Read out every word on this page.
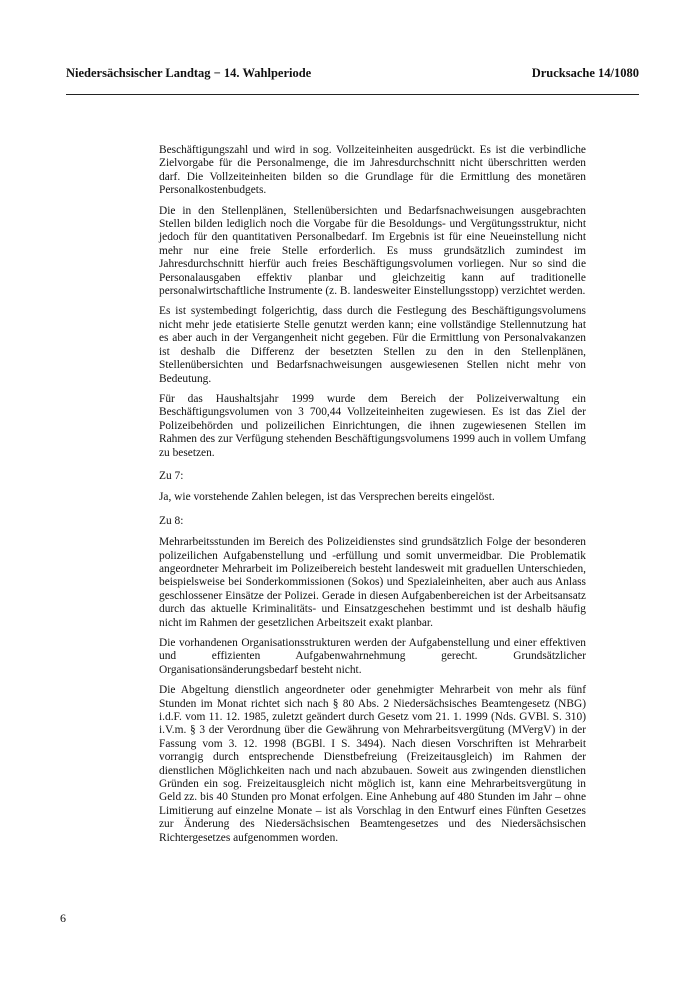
Niedersächsischer Landtag − 14. Wahlperiode	Drucksache 14/1080

Beschäftigungszahl und wird in sog. Vollzeiteinheiten ausgedrückt. Es ist die verbindliche Zielvorgabe für die Personalmenge, die im Jahresdurchschnitt nicht überschritten werden darf. Die Vollzeiteinheiten bilden so die Grundlage für die Ermittlung des monetären Personalkostenbudgets.

Die in den Stellenplänen, Stellenübersichten und Bedarfsnachweisungen ausgebrachten Stellen bilden lediglich noch die Vorgabe für die Besoldungs- und Vergütungsstruktur, nicht jedoch für den quantitativen Personalbedarf. Im Ergebnis ist für eine Neueinstellung nicht mehr nur eine freie Stelle erforderlich. Es muss grundsätzlich zumindest im Jahresdurchschnitt hierfür auch freies Beschäftigungsvolumen vorliegen. Nur so sind die Personalausgaben effektiv planbar und gleichzeitig kann auf traditionelle personalwirtschaftliche Instrumente (z. B. landesweiter Einstellungsstopp) verzichtet werden.

Es ist systembedingt folgerichtig, dass durch die Festlegung des Beschäftigungsvolumens nicht mehr jede etatisierte Stelle genutzt werden kann; eine vollständige Stellennutzung hat es aber auch in der Vergangenheit nicht gegeben. Für die Ermittlung von Personalvakanzen ist deshalb die Differenz der besetzten Stellen zu den in den Stellenplänen, Stellenübersichten und Bedarfsnachweisungen ausgewiesenen Stellen nicht mehr von Bedeutung.

Für das Haushaltsjahr 1999 wurde dem Bereich der Polizeiverwaltung ein Beschäftigungsvolumen von 3 700,44 Vollzeiteinheiten zugewiesen. Es ist das Ziel der Polizeibehörden und polizeilichen Einrichtungen, die ihnen zugewiesenen Stellen im Rahmen des zur Verfügung stehenden Beschäftigungsvolumens 1999 auch in vollem Umfang zu besetzen.

Zu 7:

Ja, wie vorstehende Zahlen belegen, ist das Versprechen bereits eingelöst.

Zu 8:

Mehrarbeitsstunden im Bereich des Polizeidienstes sind grundsätzlich Folge der besonderen polizeilichen Aufgabenstellung und -erfüllung und somit unvermeidbar. Die Problematik angeordneter Mehrarbeit im Polizeibereich besteht landesweit mit graduellen Unterschieden, beispielsweise bei Sonderkommissionen (Sokos) und Spezialeinheiten, aber auch aus Anlass geschlossener Einsätze der Polizei. Gerade in diesen Aufgabenbereichen ist der Arbeitsansatz durch das aktuelle Kriminalitäts- und Einsatzgeschehen bestimmt und ist deshalb häufig nicht im Rahmen der gesetzlichen Arbeitszeit exakt planbar.

Die vorhandenen Organisationsstrukturen werden der Aufgabenstellung und einer effektiven und effizienten Aufgabenwahrnehmung gerecht. Grundsätzlicher Organisationsänderungsbedarf besteht nicht.

Die Abgeltung dienstlich angeordneter oder genehmigter Mehrarbeit von mehr als fünf Stunden im Monat richtet sich nach § 80 Abs. 2 Niedersächsisches Beamtengesetz (NBG) i.d.F. vom 11. 12. 1985, zuletzt geändert durch Gesetz vom 21. 1. 1999 (Nds. GVBl. S. 310) i.V.m. § 3 der Verordnung über die Gewährung von Mehrarbeitsvergütung (MVergV) in der Fassung vom 3. 12. 1998 (BGBl. I S. 3494). Nach diesen Vorschriften ist Mehrarbeit vorrangig durch entsprechende Dienstbefreiung (Freizeitausgleich) im Rahmen der dienstlichen Möglichkeiten nach und nach abzubauen. Soweit aus zwingenden dienstlichen Gründen ein sog. Freizeitausgleich nicht möglich ist, kann eine Mehrarbeitsvergütung in Geld zz. bis 40 Stunden pro Monat erfolgen. Eine Anhebung auf 480 Stunden im Jahr – ohne Limitierung auf einzelne Monate – ist als Vorschlag in den Entwurf eines Fünften Gesetzes zur Änderung des Niedersächsischen Beamtengesetzes und des Niedersächsischen Richtergesetzes aufgenommen worden.

6
